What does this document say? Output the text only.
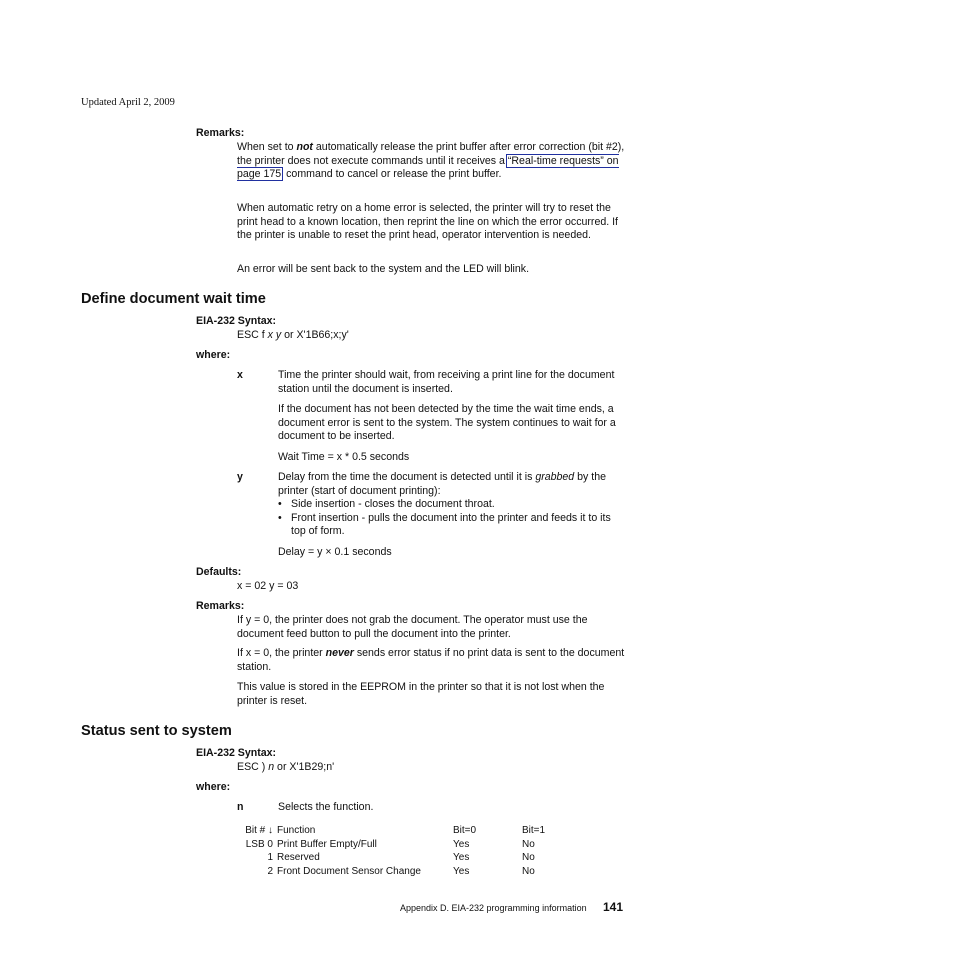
Updated April 2, 2009
Remarks:
When set to not automatically release the print buffer after error correction (bit #2), the printer does not execute commands until it receives a “Real-time requests” on page 175 command to cancel or release the print buffer.
When automatic retry on a home error is selected, the printer will try to reset the print head to a known location, then reprint the line on which the error occurred. If the printer is unable to reset the print head, operator intervention is needed.
An error will be sent back to the system and the LED will blink.
Define document wait time
EIA-232 Syntax:
ESC f x y or X'1B66;x;y'
where:
x	Time the printer should wait, from receiving a print line for the document station until the document is inserted.
If the document has not been detected by the time the wait time ends, a document error is sent to the system. The system continues to wait for a document to be inserted.
Wait Time = x * 0.5 seconds
y	Delay from the time the document is detected until it is grabbed by the printer (start of document printing):
• Side insertion - closes the document throat.
• Front insertion - pulls the document into the printer and feeds it to its top of form.
Delay = y × 0.1 seconds
Defaults:
x = 02 y = 03
Remarks:
If y = 0, the printer does not grab the document. The operator must use the document feed button to pull the document into the printer.
If x = 0, the printer never sends error status if no print data is sent to the document station.
This value is stored in the EEPROM in the printer so that it is not lost when the printer is reset.
Status sent to system
EIA-232 Syntax:
ESC ) n or X'1B29;n'
where:
n	Selects the function.
Bit # ↓	Function	Bit=0	Bit=1
LSB 0	Print Buffer Empty/Full	Yes	No
1	Reserved	Yes	No
2	Front Document Sensor Change	Yes	No
Appendix D. EIA-232 programming information 141
